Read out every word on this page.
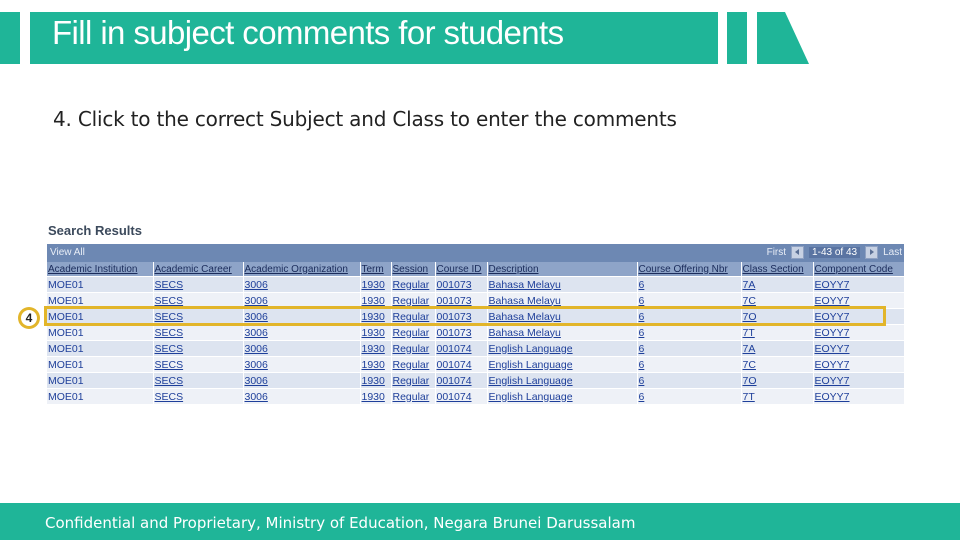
Fill in subject comments for students
4. Click to the correct Subject and Class to enter the comments
Search Results
View All	First	1-43 of 43	Last
Academic Institution	Academic Career	Academic Organization	Term	Session	Course ID	Description	Course Offering Nbr	Class Section	Component Code
MOE01	SECS	3006	1930	Regular	001073	Bahasa Melayu	6	7A	EOYY7
MOE01	SECS	3006	1930	Regular	001073	Bahasa Melayu	6	7C	EOYY7
MOE01	SECS	3006	1930	Regular	001073	Bahasa Melayu	6	7O	EOYY7
MOE01	SECS	3006	1930	Regular	001073	Bahasa Melayu	6	7T	EOYY7
MOE01	SECS	3006	1930	Regular	001074	English Language	6	7A	EOYY7
MOE01	SECS	3006	1930	Regular	001074	English Language	6	7C	EOYY7
MOE01	SECS	3006	1930	Regular	001074	English Language	6	7O	EOYY7
MOE01	SECS	3006	1930	Regular	001074	English Language	6	7T	EOYY7
4
Confidential and Proprietary, Ministry of Education, Negara Brunei Darussalam
